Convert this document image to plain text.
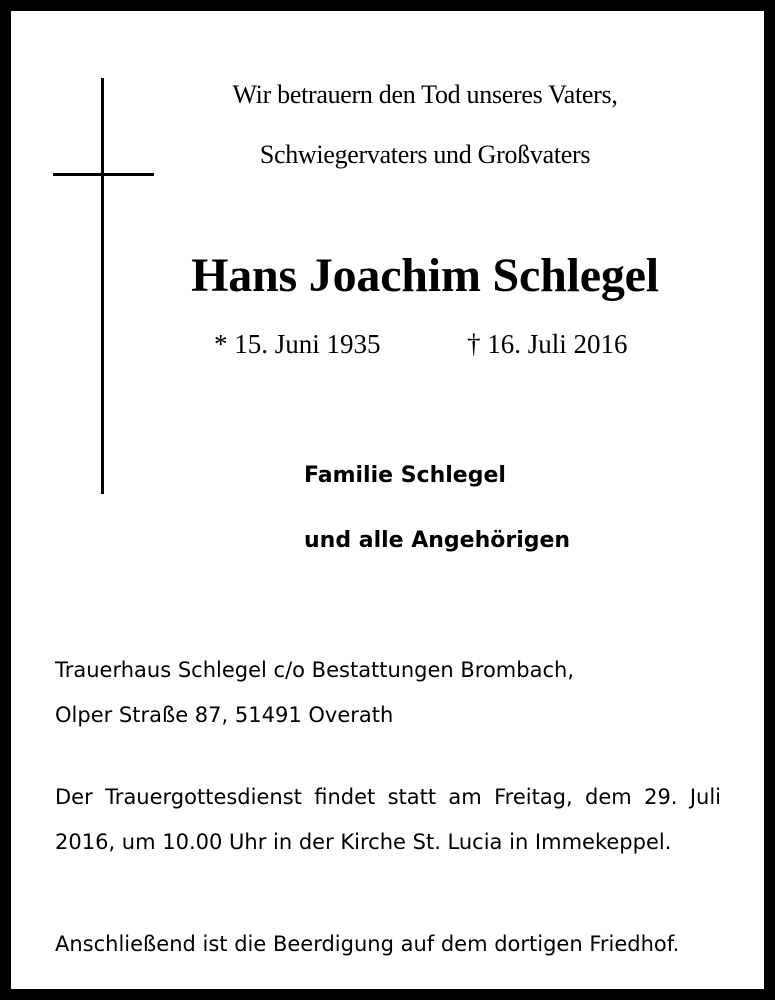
Wir betrauern den Tod unseres Vaters,
Schwiegervaters und Großvaters
Hans Joachim Schlegel
* 15. Juni 1935	† 16. Juli 2016
Familie Schlegel
und alle Angehörigen
Trauerhaus Schlegel c/o Bestattungen Brombach,
Olper Straße 87, 51491 Overath
Der Trauergottesdienst findet statt am Freitag, dem 29. Juli 2016, um 10.00 Uhr in der Kirche St. Lucia in Immekeppel.
Anschließend ist die Beerdigung auf dem dortigen Friedhof.
